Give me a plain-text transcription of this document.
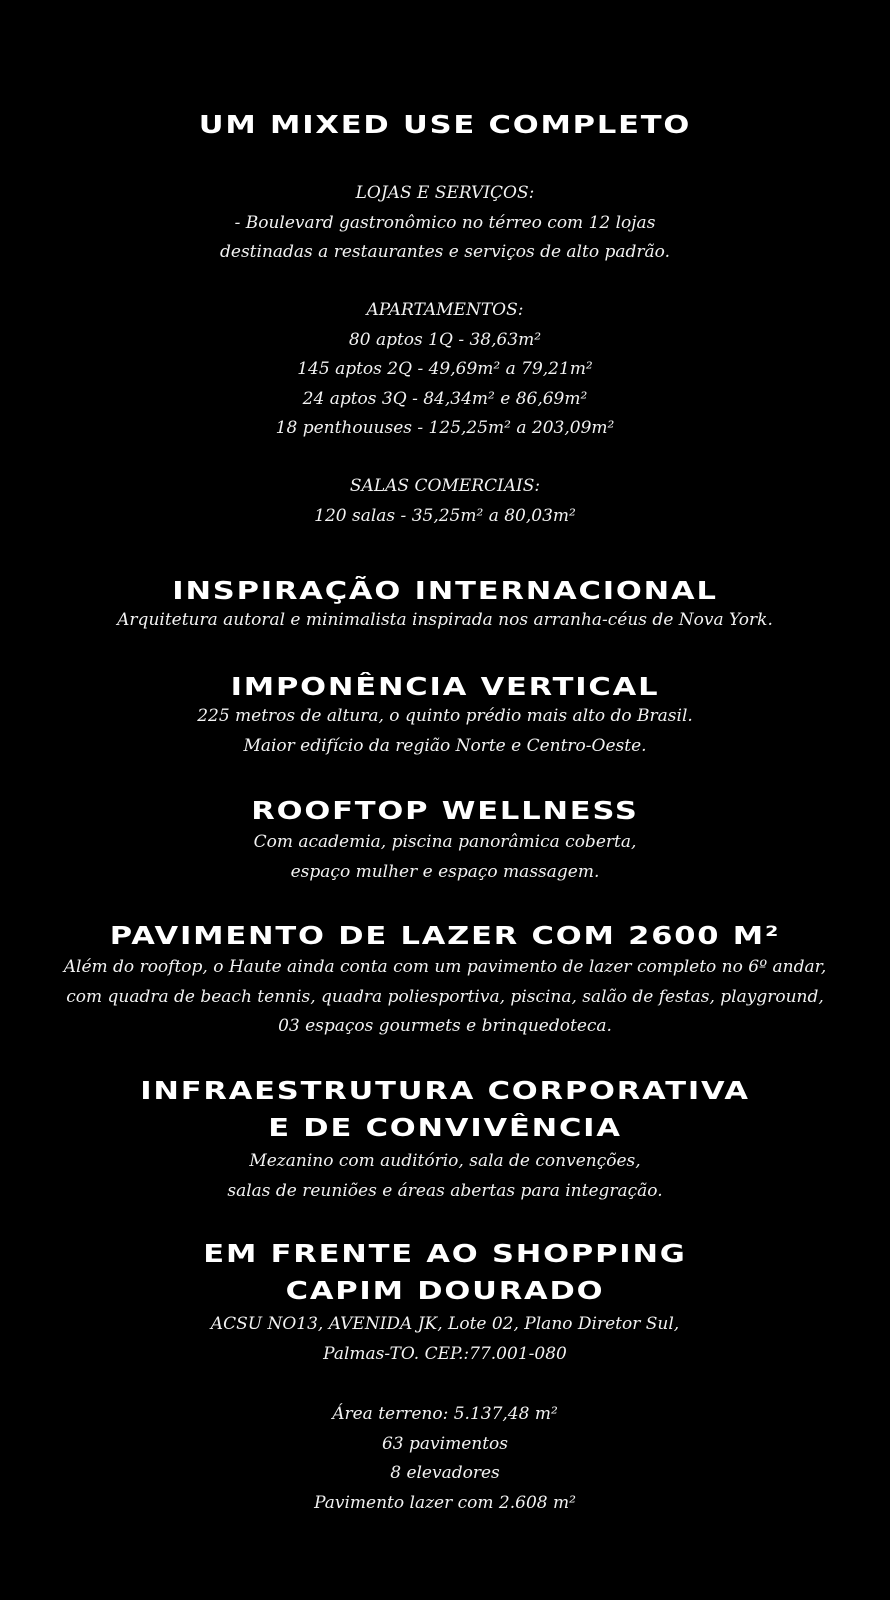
UM MIXED USE COMPLETO
LOJAS E SERVIÇOS:
- Boulevard gastronômico no térreo com 12 lojas
destinadas a restaurantes e serviços de alto padrão.
APARTAMENTOS:
80 aptos 1Q - 38,63m²
145 aptos 2Q - 49,69m² a 79,21m²
24 aptos 3Q - 84,34m² e 86,69m²
18 penthouuses - 125,25m² a 203,09m²
SALAS COMERCIAIS:
120 salas - 35,25m² a 80,03m²
INSPIRAÇÃO INTERNACIONAL
Arquitetura autoral e minimalista inspirada nos arranha-céus de Nova York.
IMPONÊNCIA VERTICAL
225 metros de altura, o quinto prédio mais alto do Brasil.
Maior edifício da região Norte e Centro-Oeste.
ROOFTOP WELLNESS
Com academia, piscina panorâmica coberta,
espaço mulher e espaço massagem.
PAVIMENTO DE LAZER COM 2600 M²
Além do rooftop, o Haute ainda conta com um pavimento de lazer completo no 6º andar,
com quadra de beach tennis, quadra poliesportiva, piscina, salão de festas, playground,
03 espaços gourmets e brinquedoteca.
INFRAESTRUTURA CORPORATIVA
E DE CONVIVÊNCIA
Mezanino com auditório, sala de convenções,
salas de reuniões e áreas abertas para integração.
EM FRENTE AO SHOPPING
CAPIM DOURADO
ACSU NO13, AVENIDA JK, Lote 02, Plano Diretor Sul,
Palmas-TO. CEP.:77.001-080
Área terreno: 5.137,48 m²
63 pavimentos
8 elevadores
Pavimento lazer com 2.608 m²
